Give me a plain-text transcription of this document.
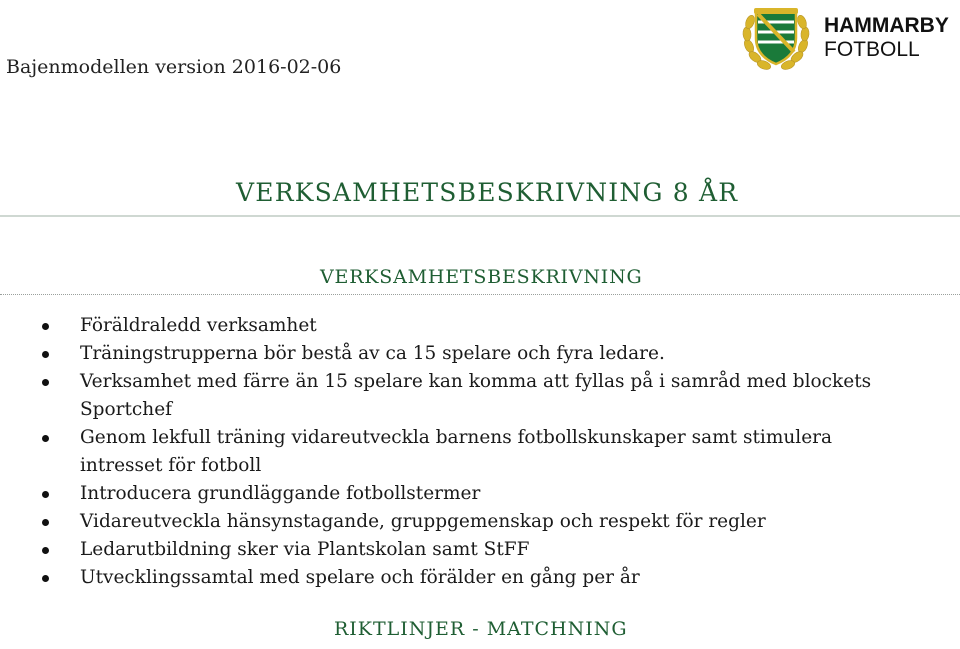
Bajenmodellen version 2016-02-06
HAMMARBY
FOTBOLL
VERKSAMHETSBESKRIVNING 8 ÅR
VERKSAMHETSBESKRIVNING
Föräldraledd verksamhet
Träningstrupperna bör bestå av ca 15 spelare och fyra ledare.
Verksamhet med färre än 15 spelare kan komma att fyllas på i samråd med blockets Sportchef
Genom lekfull träning vidareutveckla barnens fotbollskunskaper samt stimulera intresset för fotboll
Introducera grundläggande fotbollstermer
Vidareutveckla hänsynstagande, gruppgemenskap och respekt för regler
Ledarutbildning sker via Plantskolan samt StFF
Utvecklingssamtal med spelare och förälder en gång per år
RIKTLINJER - MATCHNING
